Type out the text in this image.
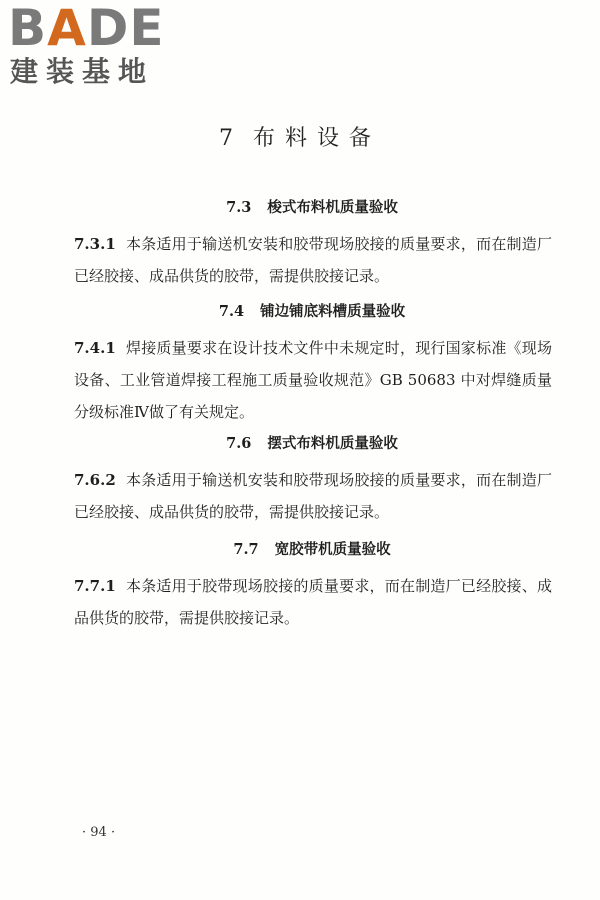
BADE
建装基地
7 布料设备
7.3 梭式布料机质量验收
7.3.1 本条适用于输送机安装和胶带现场胶接的质量要求，而在制造厂已经胶接、成品供货的胶带，需提供胶接记录。
7.4 铺边铺底料槽质量验收
7.4.1 焊接质量要求在设计技术文件中未规定时，现行国家标准《现场设备、工业管道焊接工程施工质量验收规范》GB 50683 中对焊缝质量分级标准Ⅳ做了有关规定。
7.6 摆式布料机质量验收
7.6.2 本条适用于输送机安装和胶带现场胶接的质量要求，而在制造厂已经胶接、成品供货的胶带，需提供胶接记录。
7.7 宽胶带机质量验收
7.7.1 本条适用于胶带现场胶接的质量要求，而在制造厂已经胶接、成品供货的胶带，需提供胶接记录。
· 94 ·
